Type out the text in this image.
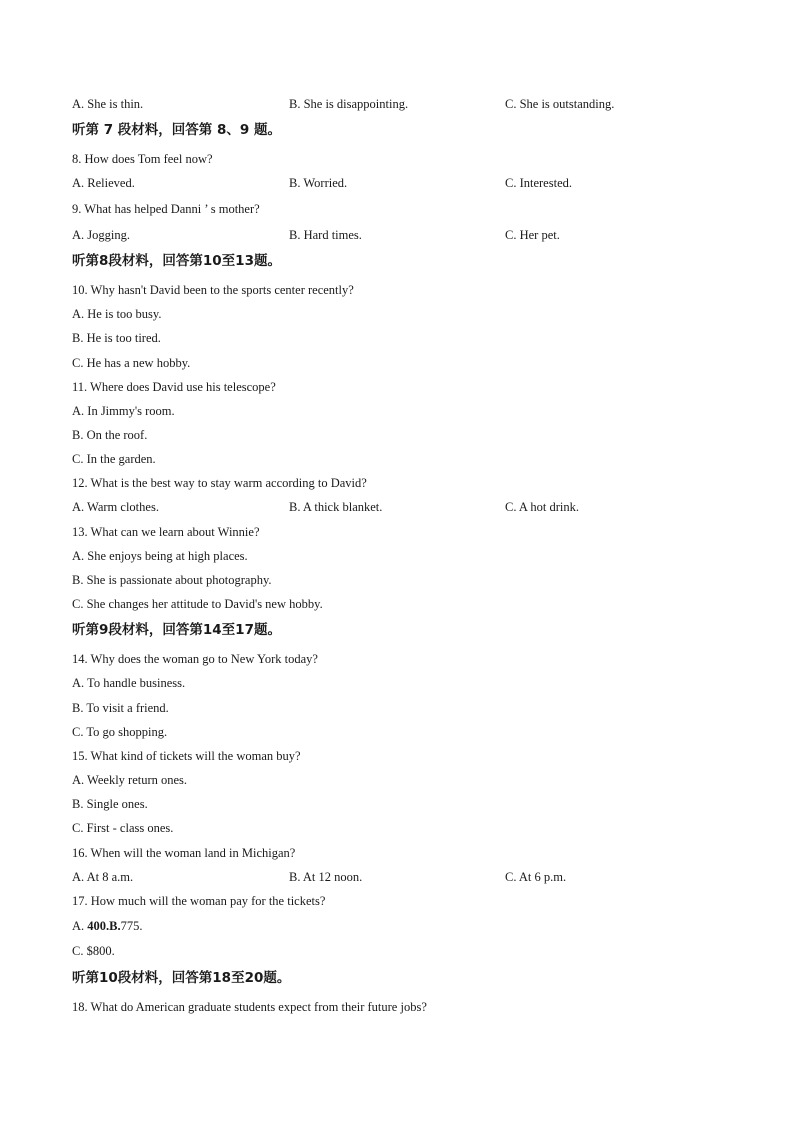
A. She is thin.	B. She is disappointing.	C. She is outstanding.
听第 7 段材料，回答第 8、9 题。
8. How does Tom feel now?
A. Relieved.	B. Worried.	C. Interested.
9. What has helped Danni ’ s mother?
A. Jogging.	B. Hard times.	C. Her pet.
听第8段材料，回答第10至13题。
10. Why hasn't David been to the sports center recently?
A. He is too busy.
B. He is too tired.
C. He has a new hobby.
11. Where does David use his telescope?
A. In Jimmy's room.
B. On the roof.
C. In the garden.
12. What is the best way to stay warm according to David?
A. Warm clothes.	B. A thick blanket.	C. A hot drink.
13. What can we learn about Winnie?
A. She enjoys being at high places.
B. She is passionate about photography.
C. She changes her attitude to David's new hobby.
听第9段材料，回答第14至17题。
14. Why does the woman go to New York today?
A. To handle business.
B. To visit a friend.
C. To go shopping.
15. What kind of tickets will the woman buy?
A. Weekly return ones.
B. Single ones.
C. First - class ones.
16. When will the woman land in Michigan?
A. At 8 a.m.	B. At 12 noon.	C. At 6 p.m.
17. How much will the woman pay for the tickets?
A. 400.B.775.
C. $800.
听第10段材料，回答第18至20题。
18. What do American graduate students expect from their future jobs?
